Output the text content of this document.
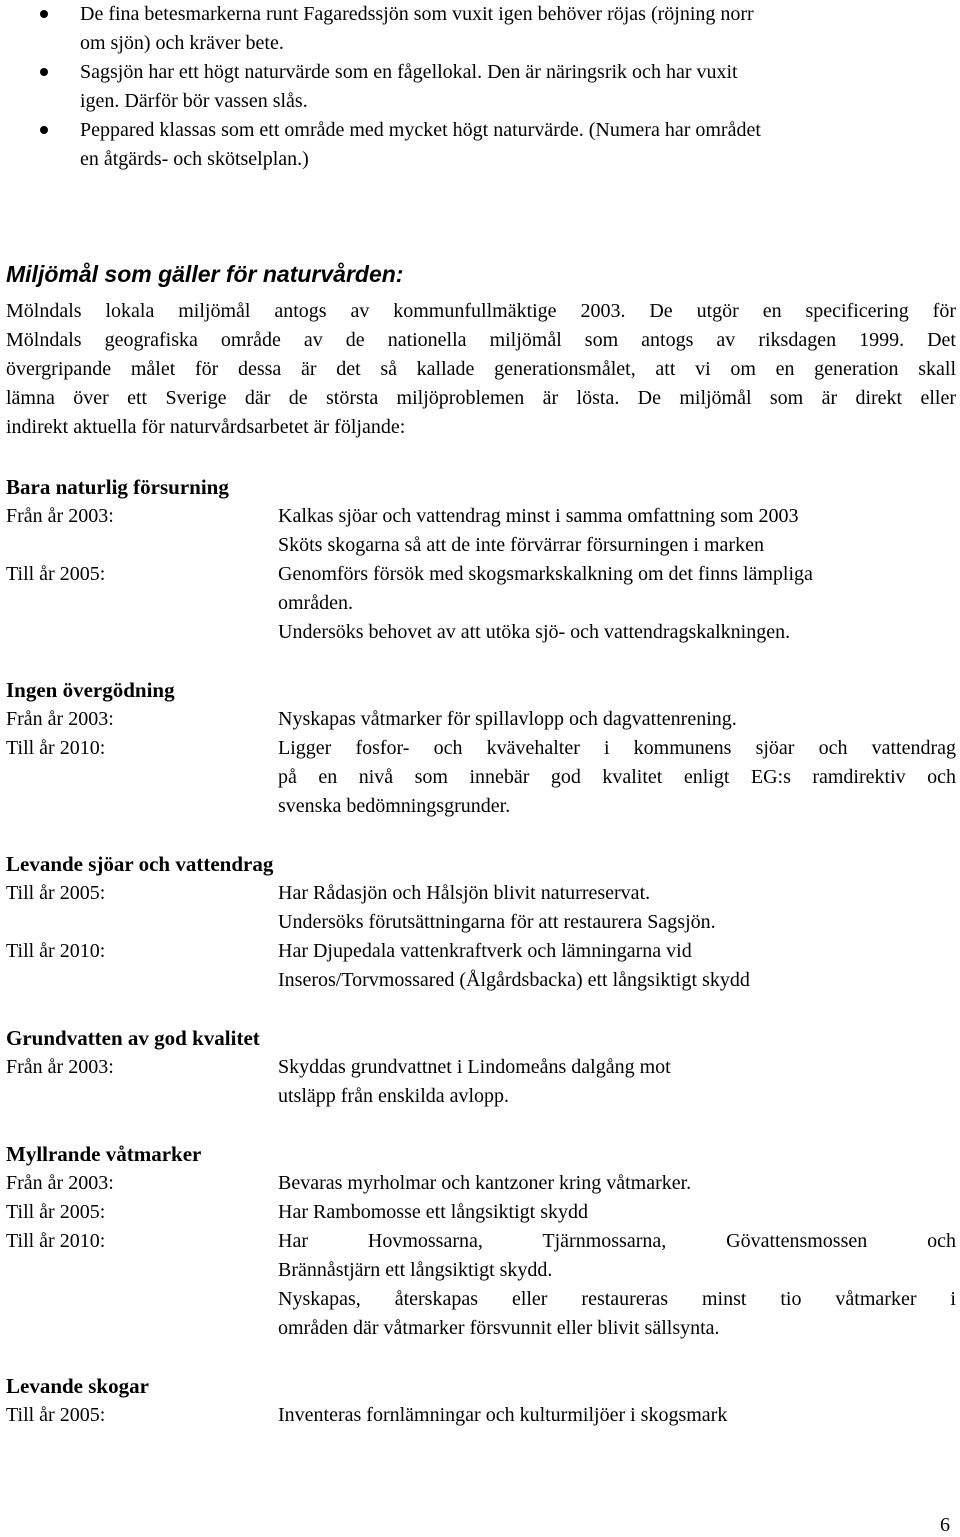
De fina betesmarkerna runt Fagaredssjön som vuxit igen behöver röjas (röjning norr
om sjön) och kräver bete.
Sagsjön har ett högt naturvärde som en fågellokal. Den är näringsrik och har vuxit
igen. Därför bör vassen slås.
Peppared klassas som ett område med mycket högt naturvärde. (Numera har området
en åtgärds- och skötselplan.)
Miljömål som gäller för naturvården:
Mölndals lokala miljömål antogs av kommunfullmäktige 2003. De utgör en specificering för
Mölndals geografiska område av de nationella miljömål som antogs av riksdagen 1999. Det
övergripande målet för dessa är det så kallade generationsmålet, att vi om en generation skall
lämna över ett Sverige där de största miljöproblemen är lösta. De miljömål som är direkt eller
indirekt aktuella för naturvårdsarbetet är följande:
Bara naturlig försurning
Från år 2003:	Kalkas sjöar och vattendrag minst i samma omfattning som 2003
Sköts skogarna så att de inte förvärrar försurningen i marken
Till år 2005:	Genomförs försök med skogsmarkskalkning om det finns lämpliga
områden.
Undersöks behovet av att utöka sjö- och vattendragskalkningen.
Ingen övergödning
Från år 2003:	Nyskapas våtmarker för spillavlopp och dagvattenrening.
Till år 2010:	Ligger fosfor- och kvävehalter i kommunens sjöar och vattendrag
på en nivå som innebär god kvalitet enligt EG:s ramdirektiv och
svenska bedömningsgrunder.
Levande sjöar och vattendrag
Till år 2005:	Har Rådasjön och Hålsjön blivit naturreservat.
Undersöks förutsättningarna för att restaurera Sagsjön.
Till år 2010:	Har Djupedala vattenkraftverk och lämningarna vid
Inseros/Torvmossared (Ålgårdsbacka) ett långsiktigt skydd
Grundvatten av god kvalitet
Från år 2003:	Skyddas grundvattnet i Lindomeåns dalgång mot
utsläpp från enskilda avlopp.
Myllrande våtmarker
Från år 2003:	Bevaras myrholmar och kantzoner kring våtmarker.
Till år 2005:	Har Rambomosse ett långsiktigt skydd
Till år 2010:	Har Hovmossarna, Tjärnmossarna, Gövattensmossen och
Brännåstjärn ett långsiktigt skydd.
Nyskapas, återskapas eller restaureras minst tio våtmarker i
områden där våtmarker försvunnit eller blivit sällsynta.
Levande skogar
Till år 2005:	Inventeras fornlämningar och kulturmiljöer i skogsmark
6
